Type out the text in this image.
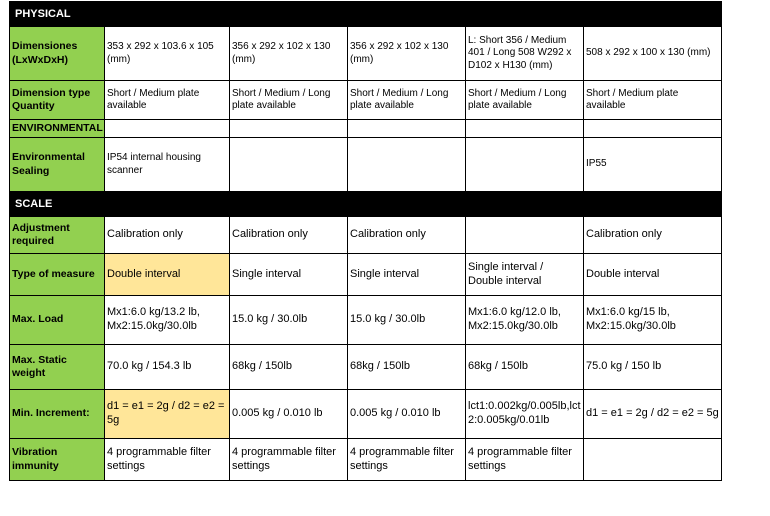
PHYSICAL					
Dimensiones (LxWxDxH)	353 x 292 x 103.6 x 105 (mm)	356 x 292 x 102 x 130 (mm)	356 x 292 x 102 x 130 (mm)	L: Short 356 / Medium 401 / Long 508 W292 x D102 x H130 (mm)	508 x 292 x 100 x 130 (mm)
Dimension type Quantity	Short / Medium plate available	Short / Medium / Long plate available	Short / Medium / Long plate available	Short / Medium / Long plate available	Short / Medium plate available
ENVIRONMENTAL					
Environmental Sealing	IP54 internal housing scanner				IP55
SCALE					
Adjustment required	Calibration only	Calibration only	Calibration only		Calibration only
Type of measure	Double interval	Single interval	Single interval	Single interval / Double interval	Double interval
Max. Load	Mx1:6.0 kg/13.2 lb, Mx2:15.0kg/30.0lb	15.0 kg / 30.0lb	15.0 kg / 30.0lb	Mx1:6.0 kg/12.0 lb, Mx2:15.0kg/30.0lb	Mx1:6.0 kg/15 lb, Mx2:15.0kg/30.0lb
Max. Static weight	70.0 kg / 154.3 lb	68kg / 150lb	68kg / 150lb	68kg / 150lb	75.0 kg / 150 lb
Min. Increment:	d1 = e1 = 2g / d2 = e2 = 5g	0.005 kg / 0.010 lb	0.005 kg / 0.010 lb	lct1:0.002kg/0.005lb,lct2:0.005kg/0.01lb	d1 = e1 = 2g / d2 = e2 = 5g
Vibration immunity	4 programmable filter settings	4 programmable filter settings	4 programmable filter settings	4 programmable filter settings	
